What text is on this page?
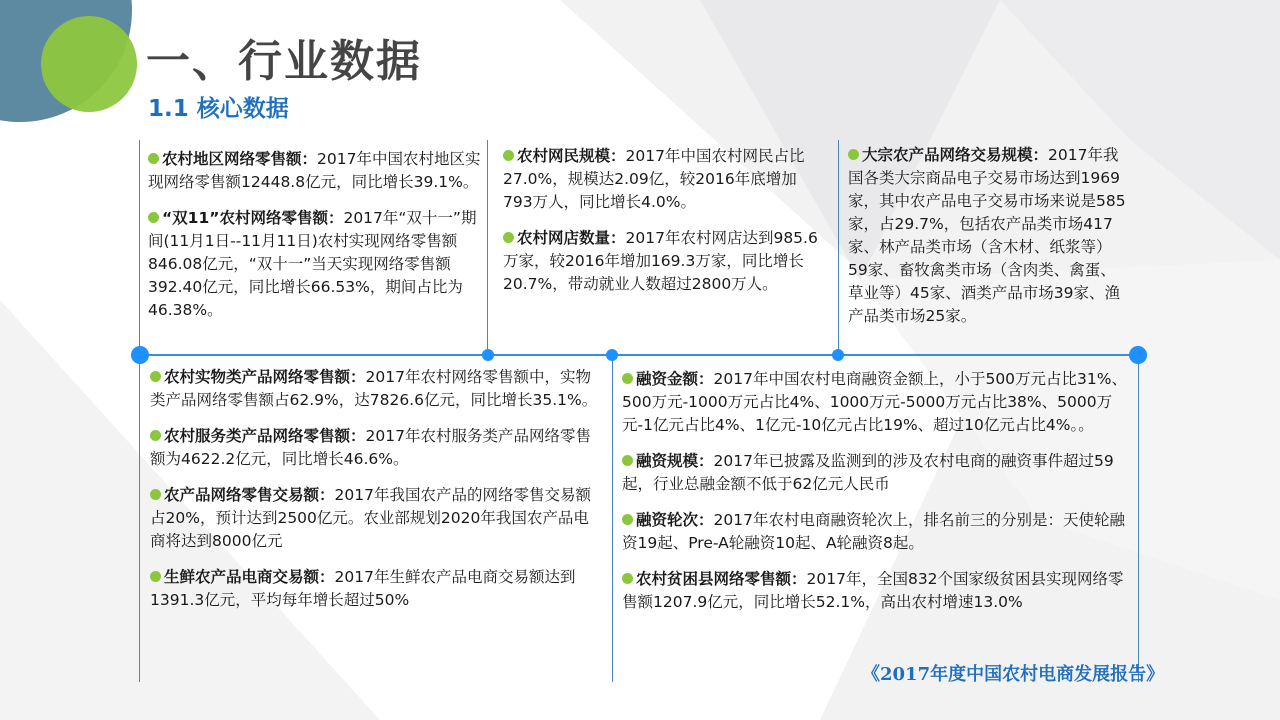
一、行业数据
1.1 核心数据
农村地区网络零售额：2017年中国农村地区实现网络零售额12448.8亿元，同比增长39.1%。
“双11”农村网络零售额：2017年“双十一”期间(11月1日--11月11日)农村实现网络零售额846.08亿元，“双十一”当天实现网络零售额392.40亿元，同比增长66.53%，期间占比为46.38%。
农村网民规模：2017年中国农村网民占比27.0%，规模达2.09亿，较2016年底增加793万人，同比增长4.0%。
农村网店数量：2017年农村网店达到985.6万家，较2016年增加169.3万家，同比增长20.7%，带动就业人数超过2800万人。
大宗农产品网络交易规模：2017年我国各类大宗商品电子交易市场达到1969家，其中农产品电子交易市场来说是585家，占29.7%，包括农产品类市场417家、林产品类市场（含木材、纸浆等）59家、畜牧禽类市场（含肉类、禽蛋、草业等）45家、酒类产品市场39家、渔产品类市场25家。
农村实物类产品网络零售额：2017年农村网络零售额中，实物类产品网络零售额占62.9%，达7826.6亿元，同比增长35.1%。
农村服务类产品网络零售额：2017年农村服务类产品网络零售额为4622.2亿元，同比增长46.6%。
农产品网络零售交易额：2017年我国农产品的网络零售交易额占20%，预计达到2500亿元。农业部规划2020年我国农产品电商将达到8000亿元
生鲜农产品电商交易额：2017年生鲜农产品电商交易额达到1391.3亿元，平均每年增长超过50%
融资金额：2017年中国农村电商融资金额上，小于500万元占比31%、500万元-1000万元占比4%、1000万元-5000万元占比38%、5000万元-1亿元占比4%、1亿元-10亿元占比19%、超过10亿元占比4%。。
融资规模：2017年已披露及监测到的涉及农村电商的融资事件超过59起，行业总融金额不低于62亿元人民币
融资轮次：2017年农村电商融资轮次上，排名前三的分别是：天使轮融资19起、Pre-A轮融资10起、A轮融资8起。
农村贫困县网络零售额：2017年，全国832个国家级贫困县实现网络零售额1207.9亿元，同比增长52.1%，高出农村增速13.0%
《2017年度中国农村电商发展报告》
